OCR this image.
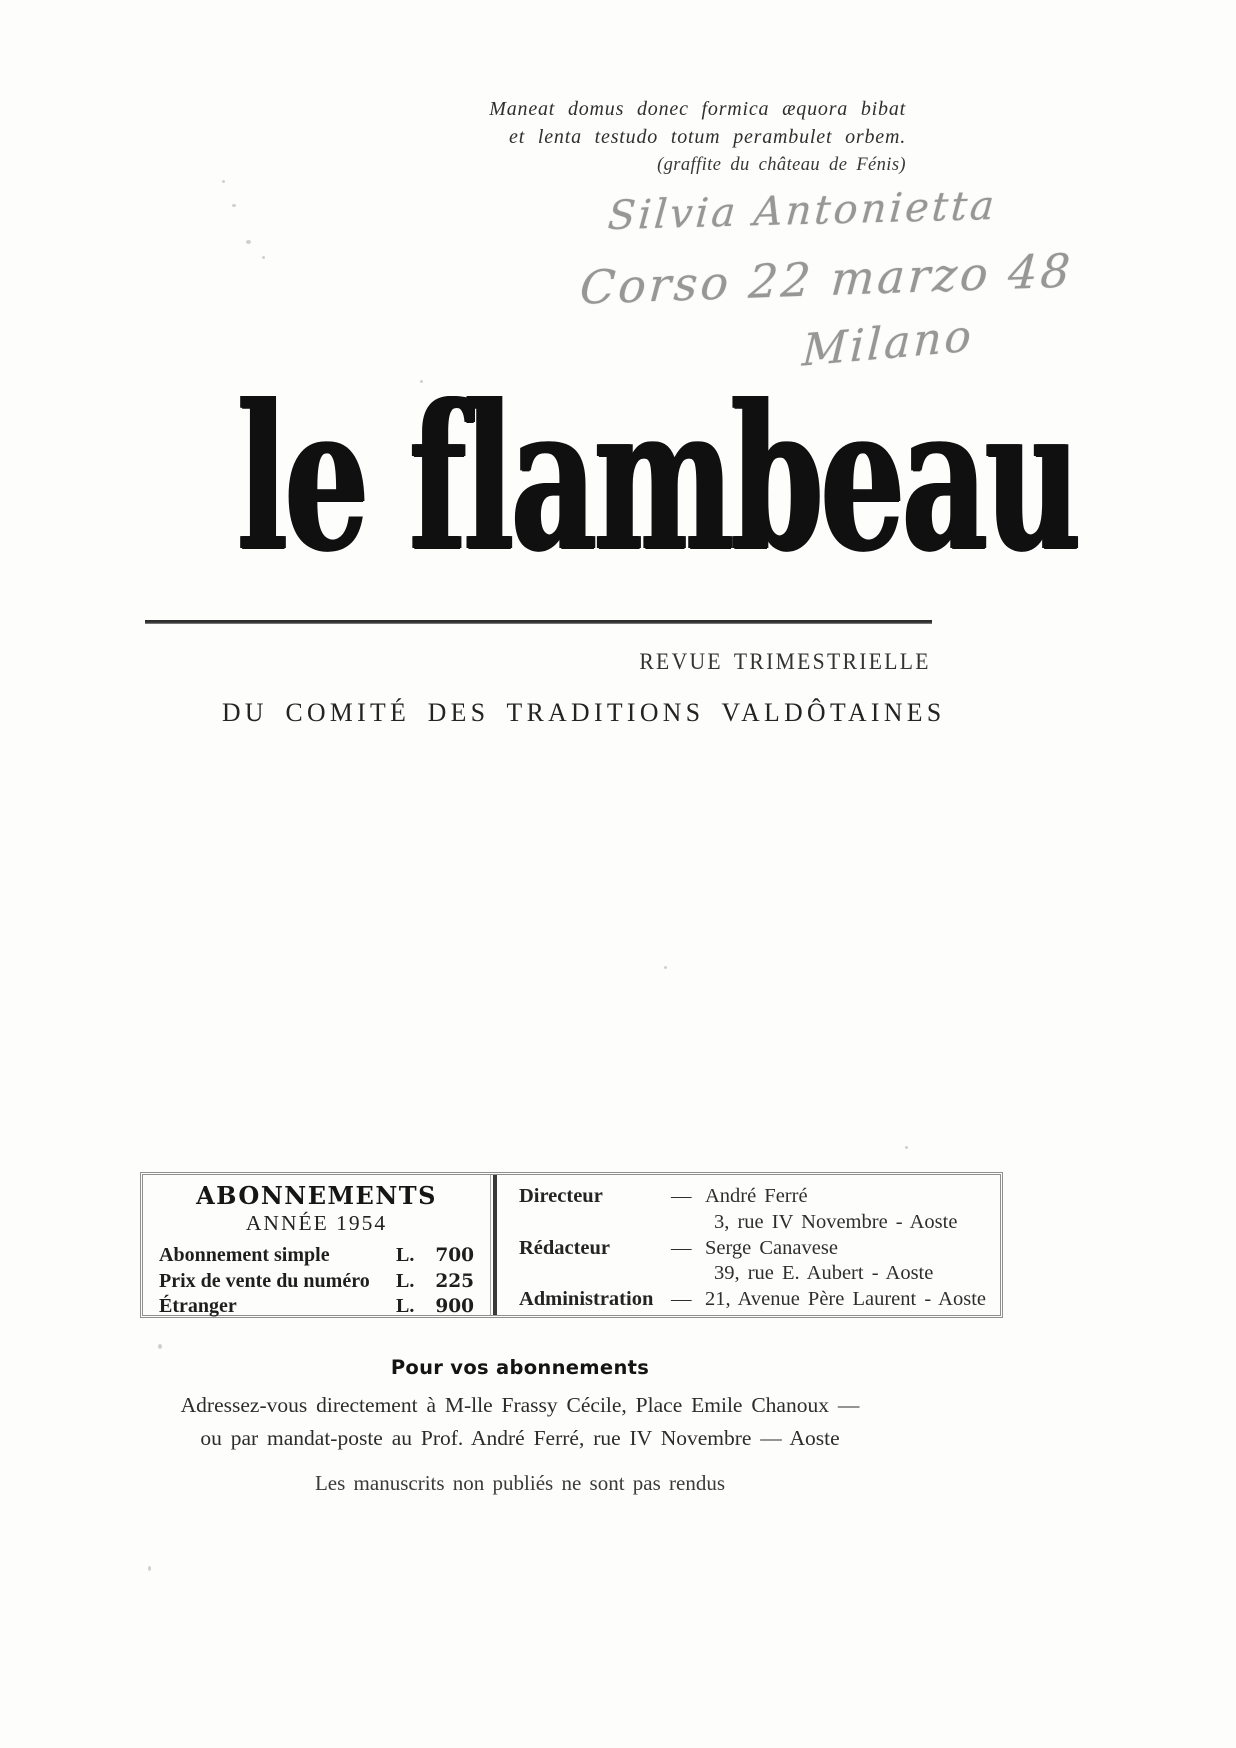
Maneat domus donec formica æquora bibat
et lenta testudo totum perambulet orbem.
(graffite du château de Fénis)
Silvia Antonietta
Corso 22 marzo 48
Milano
le flambeau
REVUE TRIMESTRIELLE
DU COMITÉ DES TRADITIONS VALDÔTAINES
ABONNEMENTS
ANNÉE 1954
Abonnement simple	L.	700
Prix de vente du numéro L.	225
Étranger	L.	900
Directeur	— André Ferré
3, rue IV Novembre - Aoste
Rédacteur	— Serge Canavese
39, rue E. Aubert - Aoste
Administration — 21, Avenue Père Laurent - Aoste
Pour vos abonnements
Adressez-vous directement à M-lle Frassy Cécile, Place Emile Chanoux —
ou par mandat-poste au Prof. André Ferré, rue IV Novembre — Aoste
Les manuscrits non publiés ne sont pas rendus
